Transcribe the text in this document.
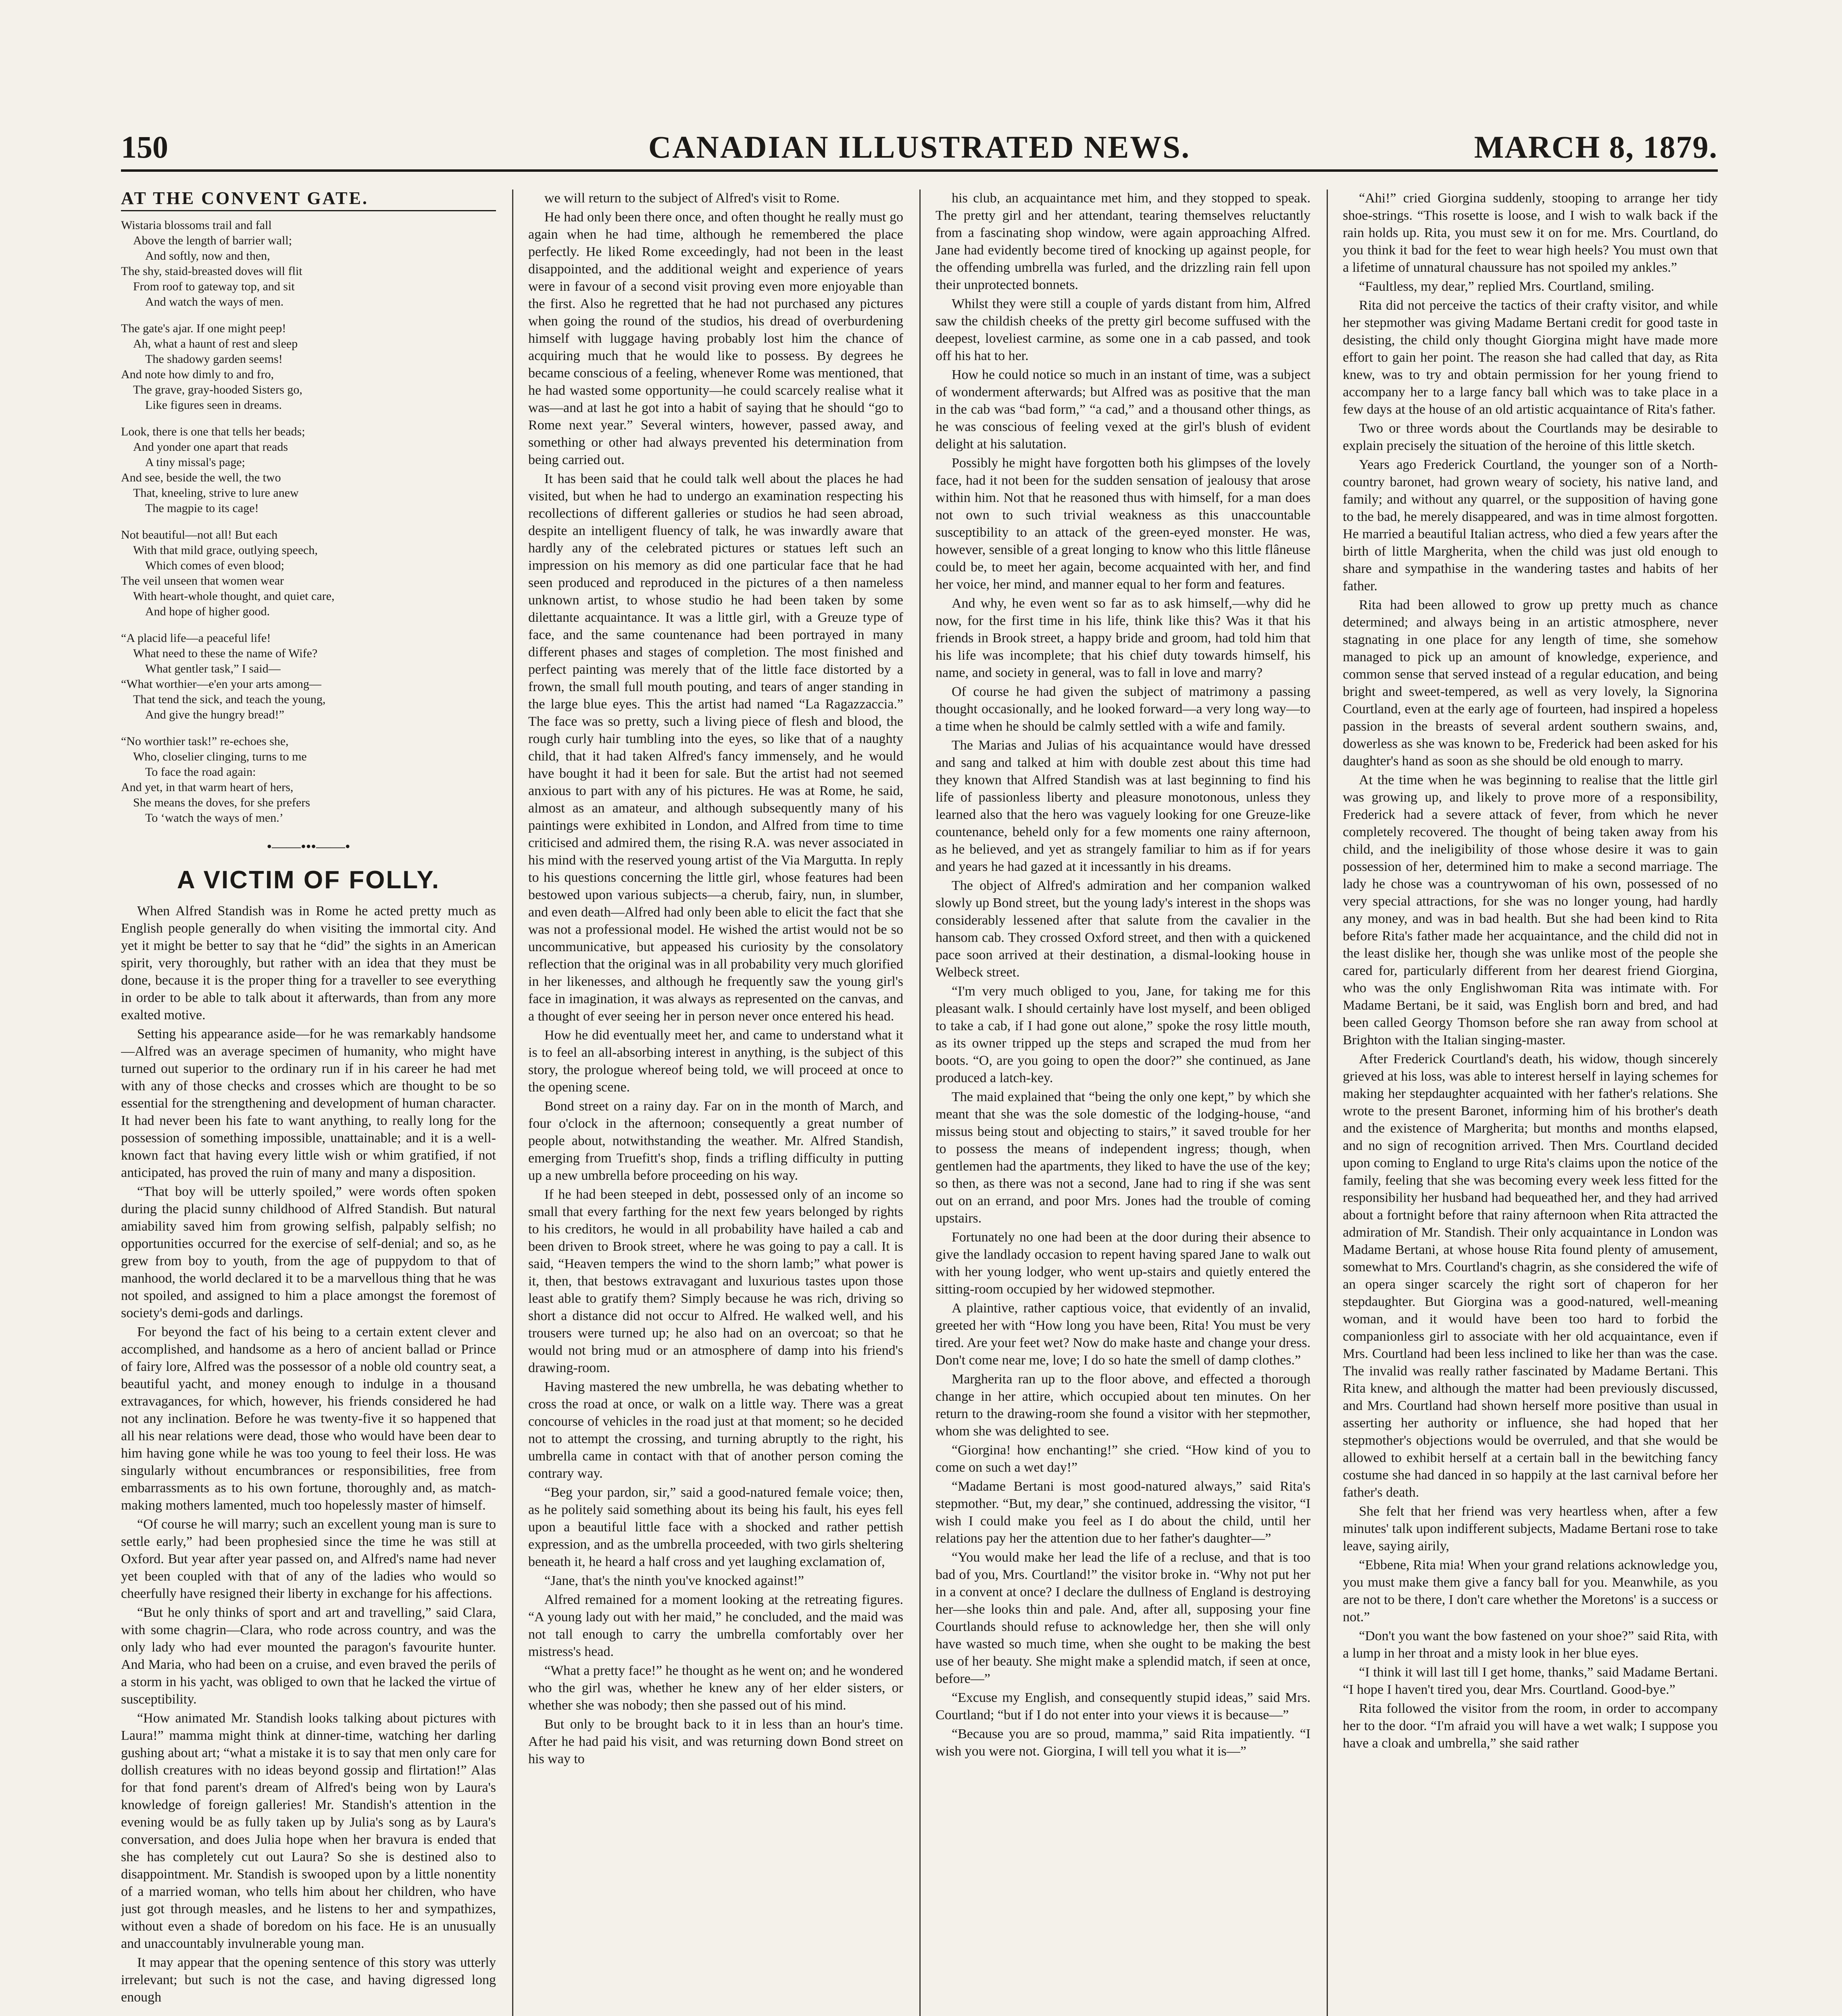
150	CANADIAN ILLUSTRATED NEWS.	MARCH 8, 1879.
AT THE CONVENT GATE.
Wistaria blossoms trail and fall
Above the length of barrier wall;
And softly, now and then,
The shy, staid-breasted doves will flit
From roof to gateway top, and sit
And watch the ways of men.
The gate's ajar. If one might peep!
Ah, what a haunt of rest and sleep
The shadowy garden seems!
And note how dimly to and fro,
The grave, gray-hooded Sisters go,
Like figures seen in dreams.
Look, there is one that tells her beads;
And yonder one apart that reads
A tiny missal's page;
And see, beside the well, the two
That, kneeling, strive to lure anew
The magpie to its cage!
Not beautiful—not all! But each
With that mild grace, outlying speech,
Which comes of even blood;
The veil unseen that women wear
With heart-whole thought, and quiet care,
And hope of higher good.
“A placid life—a peaceful life!
What need to these the name of Wife?
What gentler task,” I said—
“What worthier—e'en your arts among—
That tend the sick, and teach the young,
And give the hungry bread!”
“No worthier task!” re-echoes she,
Who, closelier clinging, turns to me
To face the road again:
And yet, in that warm heart of hers,
She means the doves, for she prefers
To ‘watch the ways of men.’
•——•••——•
A VICTIM OF FOLLY.

When Alfred Standish was in Rome he acted pretty much as English people generally do when visiting the immortal city. And yet it might be better to say that he “did” the sights in an American spirit, very thoroughly, but rather with an idea that they must be done, because it is the proper thing for a traveller to see everything in order to be able to talk about it afterwards, than from any more exalted motive.

Setting his appearance aside—for he was remarkably handsome—Alfred was an average specimen of humanity, who might have turned out superior to the ordinary run if in his career he had met with any of those checks and crosses which are thought to be so essential for the strengthening and development of human character. It had never been his fate to want anything, to really long for the possession of something impossible, unattainable; and it is a well-known fact that having every little wish or whim gratified, if not anticipated, has proved the ruin of many and many a disposition.

“That boy will be utterly spoiled,” were words often spoken during the placid sunny childhood of Alfred Standish. But natural amiability saved him from growing selfish, palpably selfish; no opportunities occurred for the exercise of self-denial; and so, as he grew from boy to youth, from the age of puppydom to that of manhood, the world declared it to be a marvellous thing that he was not spoiled, and assigned to him a place amongst the foremost of society's demi-gods and darlings.

For beyond the fact of his being to a certain extent clever and accomplished, and handsome as a hero of ancient ballad or Prince of fairy lore, Alfred was the possessor of a noble old country seat, a beautiful yacht, and money enough to indulge in a thousand extravagances, for which, however, his friends considered he had not any inclination. Before he was twenty-five it so happened that all his near relations were dead, those who would have been dear to him having gone while he was too young to feel their loss. He was singularly without encumbrances or responsibilities, free from embarrassments as to his own fortune, thoroughly and, as match-making mothers lamented, much too hopelessly master of himself.

“Of course he will marry; such an excellent young man is sure to settle early,” had been prophesied since the time he was still at Oxford. But year after year passed on, and Alfred's name had never yet been coupled with that of any of the ladies who would so cheerfully have resigned their liberty in exchange for his affections.

“But he only thinks of sport and art and travelling,” said Clara, with some chagrin—Clara, who rode across country, and was the only lady who had ever mounted the paragon's favourite hunter. And Maria, who had been on a cruise, and even braved the perils of a storm in his yacht, was obliged to own that he lacked the virtue of susceptibility.

“How animated Mr. Standish looks talking about pictures with Laura!” mamma might think at dinner-time, watching her darling gushing about art; “what a mistake it is to say that men only care for dollish creatures with no ideas beyond gossip and flirtation!” Alas for that fond parent's dream of Alfred's being won by Laura's knowledge of foreign galleries! Mr. Standish's attention in the evening would be as fully taken up by Julia's song as by Laura's conversation, and does Julia hope when her bravura is ended that she has completely cut out Laura? So she is destined also to disappointment. Mr. Standish is swooped upon by a little nonentity of a married woman, who tells him about her children, who have just got through measles, and he listens to her and sympathizes, without even a shade of boredom on his face. He is an unusually and unaccountably invulnerable young man.

It may appear that the opening sentence of this story was utterly irrelevant; but such is not the case, and having digressed long enough

we will return to the subject of Alfred's visit to Rome.

He had only been there once, and often thought he really must go again when he had time, although he remembered the place perfectly. He liked Rome exceedingly, had not been in the least disappointed, and the additional weight and experience of years were in favour of a second visit proving even more enjoyable than the first. Also he regretted that he had not purchased any pictures when going the round of the studios, his dread of overburdening himself with luggage having probably lost him the chance of acquiring much that he would like to possess. By degrees he became conscious of a feeling, whenever Rome was mentioned, that he had wasted some opportunity—he could scarcely realise what it was—and at last he got into a habit of saying that he should “go to Rome next year.” Several winters, however, passed away, and something or other had always prevented his determination from being carried out.

It has been said that he could talk well about the places he had visited, but when he had to undergo an examination respecting his recollections of different galleries or studios he had seen abroad, despite an intelligent fluency of talk, he was inwardly aware that hardly any of the celebrated pictures or statues left such an impression on his memory as did one particular face that he had seen produced and reproduced in the pictures of a then nameless unknown artist, to whose studio he had been taken by some dilettante acquaintance. It was a little girl, with a Greuze type of face, and the same countenance had been portrayed in many different phases and stages of completion. The most finished and perfect painting was merely that of the little face distorted by a frown, the small full mouth pouting, and tears of anger standing in the large blue eyes. This the artist had named “La Ragazzaccia.” The face was so pretty, such a living piece of flesh and blood, the rough curly hair tumbling into the eyes, so like that of a naughty child, that it had taken Alfred's fancy immensely, and he would have bought it had it been for sale. But the artist had not seemed anxious to part with any of his pictures. He was at Rome, he said, almost as an amateur, and although subsequently many of his paintings were exhibited in London, and Alfred from time to time criticised and admired them, the rising R.A. was never associated in his mind with the reserved young artist of the Via Margutta. In reply to his questions concerning the little girl, whose features had been bestowed upon various subjects—a cherub, fairy, nun, in slumber, and even death—Alfred had only been able to elicit the fact that she was not a professional model. He wished the artist would not be so uncommunicative, but appeased his curiosity by the consolatory reflection that the original was in all probability very much glorified in her likenesses, and although he frequently saw the young girl's face in imagination, it was always as represented on the canvas, and a thought of ever seeing her in person never once entered his head.

How he did eventually meet her, and came to understand what it is to feel an all-absorbing interest in anything, is the subject of this story, the prologue whereof being told, we will proceed at once to the opening scene.

Bond street on a rainy day. Far on in the month of March, and four o'clock in the afternoon; consequently a great number of people about, notwithstanding the weather. Mr. Alfred Standish, emerging from Truefitt's shop, finds a trifling difficulty in putting up a new umbrella before proceeding on his way.

If he had been steeped in debt, possessed only of an income so small that every farthing for the next few years belonged by rights to his creditors, he would in all probability have hailed a cab and been driven to Brook street, where he was going to pay a call. It is said, “Heaven tempers the wind to the shorn lamb;” what power is it, then, that bestows extravagant and luxurious tastes upon those least able to gratify them? Simply because he was rich, driving so short a distance did not occur to Alfred. He walked well, and his trousers were turned up; he also had on an overcoat; so that he would not bring mud or an atmosphere of damp into his friend's drawing-room.

Having mastered the new umbrella, he was debating whether to cross the road at once, or walk on a little way. There was a great concourse of vehicles in the road just at that moment; so he decided not to attempt the crossing, and turning abruptly to the right, his umbrella came in contact with that of another person coming the contrary way.

“Beg your pardon, sir,” said a good-natured female voice; then, as he politely said something about its being his fault, his eyes fell upon a beautiful little face with a shocked and rather pettish expression, and as the umbrella proceeded, with two girls sheltering beneath it, he heard a half cross and yet laughing exclamation of,

“Jane, that's the ninth you've knocked against!”

Alfred remained for a moment looking at the retreating figures. “A young lady out with her maid,” he concluded, and the maid was not tall enough to carry the umbrella comfortably over her mistress's head.

“What a pretty face!” he thought as he went on; and he wondered who the girl was, whether he knew any of her elder sisters, or whether she was nobody; then she passed out of his mind.

But only to be brought back to it in less than an hour's time. After he had paid his visit, and was returning down Bond street on his way to

his club, an acquaintance met him, and they stopped to speak. The pretty girl and her attendant, tearing themselves reluctantly from a fascinating shop window, were again approaching Alfred. Jane had evidently become tired of knocking up against people, for the offending umbrella was furled, and the drizzling rain fell upon their unprotected bonnets.

Whilst they were still a couple of yards distant from him, Alfred saw the childish cheeks of the pretty girl become suffused with the deepest, loveliest carmine, as some one in a cab passed, and took off his hat to her.

How he could notice so much in an instant of time, was a subject of wonderment afterwards; but Alfred was as positive that the man in the cab was “bad form,” “a cad,” and a thousand other things, as he was conscious of feeling vexed at the girl's blush of evident delight at his salutation.

Possibly he might have forgotten both his glimpses of the lovely face, had it not been for the sudden sensation of jealousy that arose within him. Not that he reasoned thus with himself, for a man does not own to such trivial weakness as this unaccountable susceptibility to an attack of the green-eyed monster. He was, however, sensible of a great longing to know who this little flâneuse could be, to meet her again, become acquainted with her, and find her voice, her mind, and manner equal to her form and features.

And why, he even went so far as to ask himself,—why did he now, for the first time in his life, think like this? Was it that his friends in Brook street, a happy bride and groom, had told him that his life was incomplete; that his chief duty towards himself, his name, and society in general, was to fall in love and marry?

Of course he had given the subject of matrimony a passing thought occasionally, and he looked forward—a very long way—to a time when he should be calmly settled with a wife and family.

The Marias and Julias of his acquaintance would have dressed and sang and talked at him with double zest about this time had they known that Alfred Standish was at last beginning to find his life of passionless liberty and pleasure monotonous, unless they learned also that the hero was vaguely looking for one Greuze-like countenance, beheld only for a few moments one rainy afternoon, as he believed, and yet as strangely familiar to him as if for years and years he had gazed at it incessantly in his dreams.

The object of Alfred's admiration and her companion walked slowly up Bond street, but the young lady's interest in the shops was considerably lessened after that salute from the cavalier in the hansom cab. They crossed Oxford street, and then with a quickened pace soon arrived at their destination, a dismal-looking house in Welbeck street.

“I'm very much obliged to you, Jane, for taking me for this pleasant walk. I should certainly have lost myself, and been obliged to take a cab, if I had gone out alone,” spoke the rosy little mouth, as its owner tripped up the steps and scraped the mud from her boots. “O, are you going to open the door?” she continued, as Jane produced a latch-key.

The maid explained that “being the only one kept,” by which she meant that she was the sole domestic of the lodging-house, “and missus being stout and objecting to stairs,” it saved trouble for her to possess the means of independent ingress; though, when gentlemen had the apartments, they liked to have the use of the key; so then, as there was not a second, Jane had to ring if she was sent out on an errand, and poor Mrs. Jones had the trouble of coming upstairs.

Fortunately no one had been at the door during their absence to give the landlady occasion to repent having spared Jane to walk out with her young lodger, who went up-stairs and quietly entered the sitting-room occupied by her widowed stepmother.

A plaintive, rather captious voice, that evidently of an invalid, greeted her with “How long you have been, Rita! You must be very tired. Are your feet wet? Now do make haste and change your dress. Don't come near me, love; I do so hate the smell of damp clothes.”

Margherita ran up to the floor above, and effected a thorough change in her attire, which occupied about ten minutes. On her return to the drawing-room she found a visitor with her stepmother, whom she was delighted to see.

“Giorgina! how enchanting!” she cried. “How kind of you to come on such a wet day!”

“Madame Bertani is most good-natured always,” said Rita's stepmother. “But, my dear,” she continued, addressing the visitor, “I wish I could make you feel as I do about the child, until her relations pay her the attention due to her father's daughter—”

“You would make her lead the life of a recluse, and that is too bad of you, Mrs. Courtland!” the visitor broke in. “Why not put her in a convent at once? I declare the dullness of England is destroying her—she looks thin and pale. And, after all, supposing your fine Courtlands should refuse to acknowledge her, then she will only have wasted so much time, when she ought to be making the best use of her beauty. She might make a splendid match, if seen at once, before—”

“Excuse my English, and consequently stupid ideas,” said Mrs. Courtland; “but if I do not enter into your views it is because—”

“Because you are so proud, mamma,” said Rita impatiently. “I wish you were not. Giorgina, I will tell you what it is—”

“Ahi!” cried Giorgina suddenly, stooping to arrange her tidy shoe-strings. “This rosette is loose, and I wish to walk back if the rain holds up. Rita, you must sew it on for me. Mrs. Courtland, do you think it bad for the feet to wear high heels? You must own that a lifetime of unnatural chaussure has not spoiled my ankles.”

“Faultless, my dear,” replied Mrs. Courtland, smiling.

Rita did not perceive the tactics of their crafty visitor, and while her stepmother was giving Madame Bertani credit for good taste in desisting, the child only thought Giorgina might have made more effort to gain her point. The reason she had called that day, as Rita knew, was to try and obtain permission for her young friend to accompany her to a large fancy ball which was to take place in a few days at the house of an old artistic acquaintance of Rita's father.

Two or three words about the Courtlands may be desirable to explain precisely the situation of the heroine of this little sketch.

Years ago Frederick Courtland, the younger son of a North-country baronet, had grown weary of society, his native land, and family; and without any quarrel, or the supposition of having gone to the bad, he merely disappeared, and was in time almost forgotten. He married a beautiful Italian actress, who died a few years after the birth of little Margherita, when the child was just old enough to share and sympathise in the wandering tastes and habits of her father.

Rita had been allowed to grow up pretty much as chance determined; and always being in an artistic atmosphere, never stagnating in one place for any length of time, she somehow managed to pick up an amount of knowledge, experience, and common sense that served instead of a regular education, and being bright and sweet-tempered, as well as very lovely, la Signorina Courtland, even at the early age of fourteen, had inspired a hopeless passion in the breasts of several ardent southern swains, and, dowerless as she was known to be, Frederick had been asked for his daughter's hand as soon as she should be old enough to marry.

At the time when he was beginning to realise that the little girl was growing up, and likely to prove more of a responsibility, Frederick had a severe attack of fever, from which he never completely recovered. The thought of being taken away from his child, and the ineligibility of those whose desire it was to gain possession of her, determined him to make a second marriage. The lady he chose was a countrywoman of his own, possessed of no very special attractions, for she was no longer young, had hardly any money, and was in bad health. But she had been kind to Rita before Rita's father made her acquaintance, and the child did not in the least dislike her, though she was unlike most of the people she cared for, particularly different from her dearest friend Giorgina, who was the only Englishwoman Rita was intimate with. For Madame Bertani, be it said, was English born and bred, and had been called Georgy Thomson before she ran away from school at Brighton with the Italian singing-master.

After Frederick Courtland's death, his widow, though sincerely grieved at his loss, was able to interest herself in laying schemes for making her stepdaughter acquainted with her father's relations. She wrote to the present Baronet, informing him of his brother's death and the existence of Margherita; but months and months elapsed, and no sign of recognition arrived. Then Mrs. Courtland decided upon coming to England to urge Rita's claims upon the notice of the family, feeling that she was becoming every week less fitted for the responsibility her husband had bequeathed her, and they had arrived about a fortnight before that rainy afternoon when Rita attracted the admiration of Mr. Standish. Their only acquaintance in London was Madame Bertani, at whose house Rita found plenty of amusement, somewhat to Mrs. Courtland's chagrin, as she considered the wife of an opera singer scarcely the right sort of chaperon for her stepdaughter. But Giorgina was a good-natured, well-meaning woman, and it would have been too hard to forbid the companionless girl to associate with her old acquaintance, even if Mrs. Courtland had been less inclined to like her than was the case. The invalid was really rather fascinated by Madame Bertani. This Rita knew, and although the matter had been previously discussed, and Mrs. Courtland had shown herself more positive than usual in asserting her authority or influence, she had hoped that her stepmother's objections would be overruled, and that she would be allowed to exhibit herself at a certain ball in the bewitching fancy costume she had danced in so happily at the last carnival before her father's death.

She felt that her friend was very heartless when, after a few minutes' talk upon indifferent subjects, Madame Bertani rose to take leave, saying airily,

“Ebbene, Rita mia! When your grand relations acknowledge you, you must make them give a fancy ball for you. Meanwhile, as you are not to be there, I don't care whether the Moretons' is a success or not.”

“Don't you want the bow fastened on your shoe?” said Rita, with a lump in her throat and a misty look in her blue eyes.

“I think it will last till I get home, thanks,” said Madame Bertani. “I hope I haven't tired you, dear Mrs. Courtland. Good-bye.”

Rita followed the visitor from the room, in order to accompany her to the door. “I'm afraid you will have a wet walk; I suppose you have a cloak and umbrella,” she said rather
